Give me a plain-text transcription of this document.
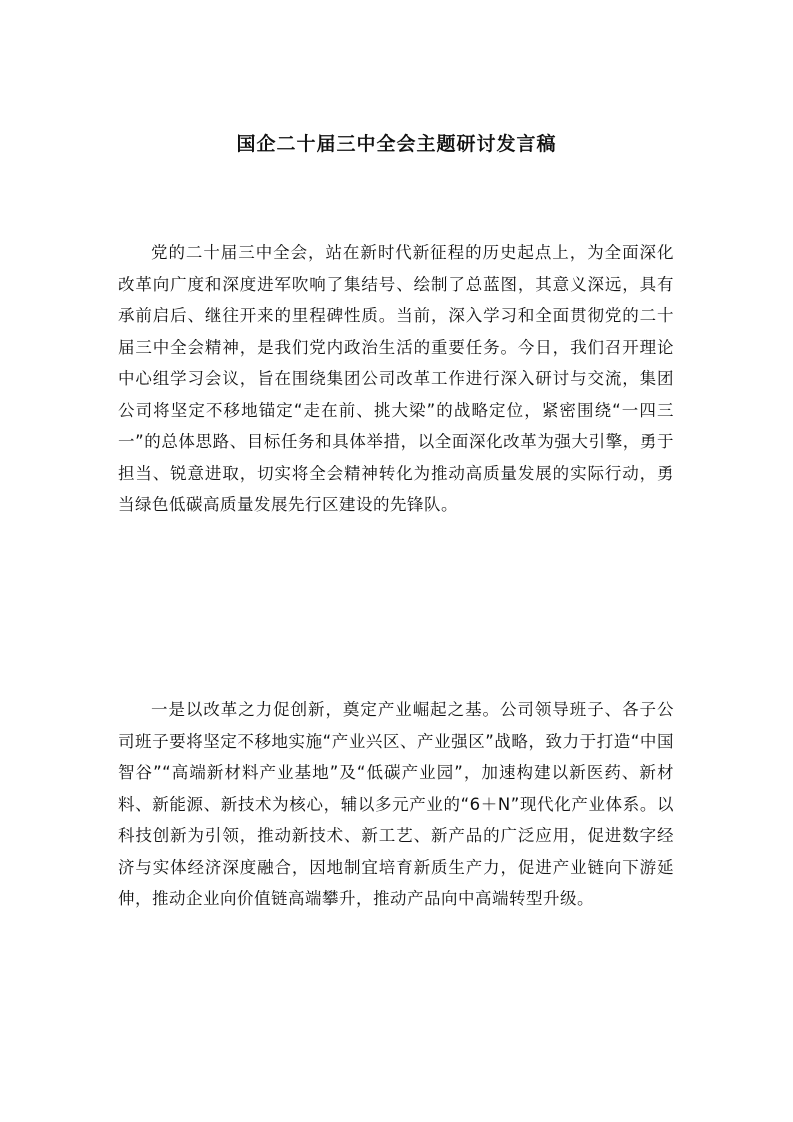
国企二十届三中全会主题研讨发言稿

党的二十届三中全会，站在新时代新征程的历史起点上，为全面深化改革向广度和深度进军吹响了集结号、绘制了总蓝图，其意义深远，具有承前启后、继往开来的里程碑性质。当前，深入学习和全面贯彻党的二十届三中全会精神，是我们党内政治生活的重要任务。今日，我们召开理论中心组学习会议，旨在围绕集团公司改革工作进行深入研讨与交流，集团公司将坚定不移地锚定“走在前、挑大梁”的战略定位，紧密围绕“一四三一”的总体思路、目标任务和具体举措，以全面深化改革为强大引擎，勇于担当、锐意进取，切实将全会精神转化为推动高质量发展的实际行动，勇当绿色低碳高质量发展先行区建设的先锋队。

一是以改革之力促创新，奠定产业崛起之基。公司领导班子、各子公司班子要将坚定不移地实施“产业兴区、产业强区”战略，致力于打造“中国智谷”“高端新材料产业基地”及“低碳产业园”，加速构建以新医药、新材料、新能源、新技术为核心，辅以多元产业的“6＋N”现代化产业体系。以科技创新为引领，推动新技术、新工艺、新产品的广泛应用，促进数字经济与实体经济深度融合，因地制宜培育新质生产力，促进产业链向下游延伸，推动企业向价值链高端攀升，推动产品向中高端转型升级。
